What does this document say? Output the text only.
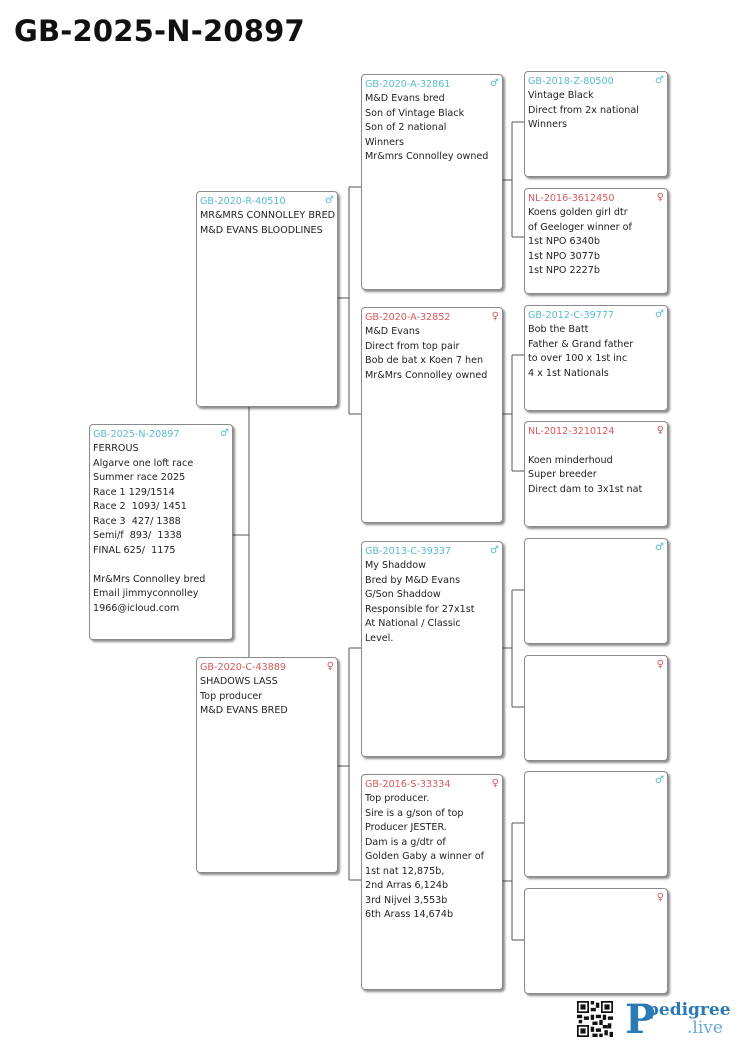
GB-2025-N-20897
GB-2025-N-20897	♂
FERROUS
Algarve one loft race
Summer race 2025
Race 1 129/1514
Race 2  1093/ 1451
Race 3  427/ 1388
Semi/f  893/  1338
FINAL 625/  1175
Mr&Mrs Connolley bred
Email jimmyconnolley
1966@icloud.com
GB-2020-R-40510	♂
MR&MRS CONNOLLEY BRED
M&D EVANS BLOODLINES
GB-2020-C-43889	♀
SHADOWS LASS
Top producer
M&D EVANS BRED
GB-2020-A-32861	♂
M&D Evans bred
Son of Vintage Black
Son of 2 national
Winners
Mr&mrs Connolley owned
GB-2020-A-32852	♀
M&D Evans
Direct from top pair
Bob de bat x Koen 7 hen
Mr&Mrs Connolley owned
GB-2013-C-39337	♂
My Shaddow
Bred by M&D Evans
G/Son Shaddow
Responsible for 27x1st
At National / Classic
Level.
GB-2016-S-33334	♀
Top producer.
Sire is a g/son of top
Producer JESTER.
Dam is a g/dtr of
Golden Gaby a winner of
1st nat 12,875b,
2nd Arras 6,124b
3rd Nijvel 3,553b
6th Arass 14,674b
GB-2018-Z-80500	♂
Vintage Black
Direct from 2x national
Winners
NL-2016-3612450	♀
Koens golden girl dtr
of Geeloger winner of
1st NPO 6340b
1st NPO 3077b
1st NPO 2227b
GB-2012-C-39777	♂
Bob the Batt
Father & Grand father
to over 100 x 1st inc
4 x 1st Nationals
NL-2012-3210124	♀
Koen minderhoud
Super breeder
Direct dam to 3x1st nat
♂
♀
♂
♀
P
pedigree
.live
